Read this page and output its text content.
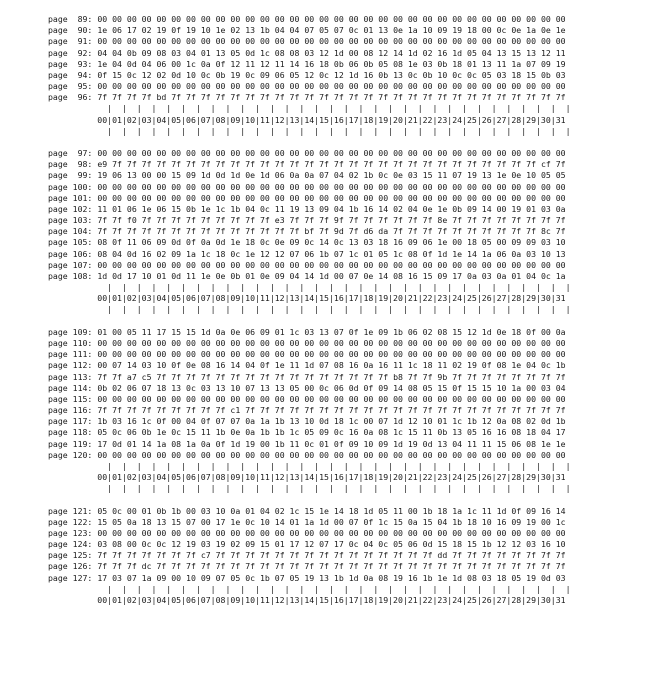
page  89: 00 00 00 00 00 00 00 00 00 00 00 00 00 00 00 00 00 00 00 00 00 00 00 00 00 00 00 00 00 00 00 00
page  90: 1e 06 17 02 19 0f 19 10 1e 02 13 1b 04 04 07 05 07 0c 01 13 0e 1a 10 09 19 18 00 0c 0e 1a 0e 1e
page  91: 00 00 00 00 00 00 00 00 00 00 00 00 00 00 00 00 00 00 00 00 00 00 00 00 00 00 00 00 00 00 00 00
page  92: 04 04 0b 09 08 03 04 01 13 05 0d 1c 08 08 03 12 1d 00 08 12 14 1d 02 16 1d 05 04 13 15 13 12 11
page  93: 1e 04 0d 04 06 00 1c 0a 0f 12 11 12 11 14 16 18 0b 06 0b 05 08 1e 03 0b 18 01 13 11 1a 07 09 19
page  94: 0f 15 0c 12 02 0d 10 0c 0b 19 0c 09 06 05 12 0c 12 1d 16 0b 13 0c 0b 10 0c 0c 05 03 18 15 0b 03
page  95: 00 00 00 00 00 00 00 00 00 00 00 00 00 00 00 00 00 00 00 00 00 00 00 00 00 00 00 00 00 00 00 00
page  96: 7f 7f 7f 7f bd 7f 7f 7f 7f 7f 7f 7f 7f 7f 7f 7f 7f 7f 7f 7f 7f 7f 7f 7f 7f 7f 7f 7f 7f 7f 7f 7f
|  |  |  |  |  |  |  |  |  |  |  |  |  |  |  |  |  |  |  |  |  |  |  |  |  |  |  |  |  |  |  |
00|01|02|03|04|05|06|07|08|09|10|11|12|13|14|15|16|17|18|19|20|21|22|23|24|25|26|27|28|29|30|31
|  |  |  |  |  |  |  |  |  |  |  |  |  |  |  |  |  |  |  |  |  |  |  |  |  |  |  |  |  |  |  |
page  97: 00 00 00 00 00 00 00 00 00 00 00 00 00 00 00 00 00 00 00 00 00 00 00 00 00 00 00 00 00 00 00 00
page  98: e9 7f 7f 7f 7f 7f 7f 7f 7f 7f 7f 7f 7f 7f 7f 7f 7f 7f 7f 7f 7f 7f 7f 7f 7f 7f 7f 7f 7f 7f cf 7f
page  99: 19 06 13 00 00 15 09 1d 0d 1d 0e 1d 06 0a 0a 07 04 02 1b 0c 0e 03 15 11 07 19 13 1e 0e 10 05 05
page 100: 00 00 00 00 00 00 00 00 00 00 00 00 00 00 00 00 00 00 00 00 00 00 00 00 00 00 00 00 00 00 00 00
page 101: 00 00 00 00 00 00 00 00 00 00 00 00 00 00 00 00 00 00 00 00 00 00 00 00 00 00 00 00 00 00 00 00
page 102: 11 01 06 1e 06 15 0b 1e 1c 1b 04 0c 11 19 13 09 04 1b 16 14 02 04 0e 1e 0b 09 14 00 19 01 03 0a
page 103: 7f 7f f0 7f 7f 7f 7f 7f 7f 7f 7f 7f e3 7f 7f 7f 9f 7f 7f 7f 7f 7f 7f 8e 7f 7f 7f 7f 7f 7f 7f 7f
page 104: 7f 7f 7f 7f 7f 7f 7f 7f 7f 7f 7f 7f 7f 7f bf 7f 9d 7f d6 da 7f 7f 7f 7f 7f 7f 7f 7f 7f 7f 8c 7f
page 105: 08 0f 11 06 09 0d 0f 0a 0d 1e 18 0c 0e 09 0c 14 0c 13 03 18 16 09 06 1e 00 18 05 00 09 09 03 10
page 106: 08 04 0d 16 02 09 1a 1c 18 0c 1e 12 12 07 06 1b 07 1c 01 05 1c 08 0f 1d 1e 14 1a 06 0a 03 10 13
page 107: 00 00 00 00 00 00 00 00 00 00 00 00 00 00 00 00 00 00 00 00 00 00 00 00 00 00 00 00 00 00 00 00
page 108: 1d 0d 17 10 01 0d 11 1e 0e 0b 01 0e 09 04 14 1d 00 07 0e 14 08 16 15 09 17 0a 03 0a 01 04 0c 1a
|  |  |  |  |  |  |  |  |  |  |  |  |  |  |  |  |  |  |  |  |  |  |  |  |  |  |  |  |  |  |  |
00|01|02|03|04|05|06|07|08|09|10|11|12|13|14|15|16|17|18|19|20|21|22|23|24|25|26|27|28|29|30|31
|  |  |  |  |  |  |  |  |  |  |  |  |  |  |  |  |  |  |  |  |  |  |  |  |  |  |  |  |  |  |  |
page 109: 01 00 05 11 17 15 15 1d 0a 0e 06 09 01 1c 03 13 07 0f 1e 09 1b 06 02 08 15 12 1d 0e 18 0f 00 0a
page 110: 00 00 00 00 00 00 00 00 00 00 00 00 00 00 00 00 00 00 00 00 00 00 00 00 00 00 00 00 00 00 00 00
page 111: 00 00 00 00 00 00 00 00 00 00 00 00 00 00 00 00 00 00 00 00 00 00 00 00 00 00 00 00 00 00 00 00
page 112: 00 07 14 03 10 0f 0e 08 16 14 04 0f 1e 11 1d 07 08 16 0a 16 11 1c 18 11 02 19 0f 08 1e 04 0c 1b
page 113: 7f 7f a7 c5 7f 7f 7f 7f 7f 7f 7f 7f 7f 7f 7f 7f 7f 7f 7f 7f b8 7f 7f 9b 7f 7f 7f 7f 7f 7f 7f 7f
page 114: 0b 02 06 07 18 13 0c 03 13 10 07 13 13 05 00 0c 06 0d 0f 09 14 08 05 15 0f 15 15 10 1a 00 03 04
page 115: 00 00 00 00 00 00 00 00 00 00 00 00 00 00 00 00 00 00 00 00 00 00 00 00 00 00 00 00 00 00 00 00
page 116: 7f 7f 7f 7f 7f 7f 7f 7f 7f c1 7f 7f 7f 7f 7f 7f 7f 7f 7f 7f 7f 7f 7f 7f 7f 7f 7f 7f 7f 7f 7f 7f
page 117: 1b 03 16 1c 0f 00 04 0f 07 07 0a 1a 1b 13 10 0d 18 1c 00 07 1d 12 10 01 1c 1b 12 0a 08 02 0d 1b
page 118: 05 0c 06 0b 1e 0c 15 11 1b 0e 0a 1b 1b 1c 05 09 0c 16 0a 08 1c 15 11 0b 13 05 16 16 08 18 04 17
page 119: 17 0d 01 14 1a 08 1a 0a 0f 1d 19 00 1b 11 0c 01 0f 09 10 09 1d 19 0d 13 04 11 11 15 06 08 1e 1e
page 120: 00 00 00 00 00 00 00 00 00 00 00 00 00 00 00 00 00 00 00 00 00 00 00 00 00 00 00 00 00 00 00 00
|  |  |  |  |  |  |  |  |  |  |  |  |  |  |  |  |  |  |  |  |  |  |  |  |  |  |  |  |  |  |  |
00|01|02|03|04|05|06|07|08|09|10|11|12|13|14|15|16|17|18|19|20|21|22|23|24|25|26|27|28|29|30|31
|  |  |  |  |  |  |  |  |  |  |  |  |  |  |  |  |  |  |  |  |  |  |  |  |  |  |  |  |  |  |  |
page 121: 05 0c 00 01 0b 1b 00 03 10 0a 01 04 02 1c 15 1e 14 18 1d 05 11 00 1b 18 1a 1c 11 1d 0f 09 16 14
page 122: 15 05 0a 18 13 15 07 00 17 1e 0c 10 14 01 1a 1d 00 07 0f 1c 15 0a 15 04 1b 18 10 16 09 19 00 1c
page 123: 00 00 00 00 00 00 00 00 00 00 00 00 00 00 00 00 00 00 00 00 00 00 00 00 00 00 00 00 00 00 00 00
page 124: 03 08 00 0c 0c 12 19 03 19 02 09 15 01 17 12 07 17 0c 04 0c 05 06 0d 15 18 15 1b 12 12 03 16 10
page 125: 7f 7f 7f 7f 7f 7f 7f c7 7f 7f 7f 7f 7f 7f 7f 7f 7f 7f 7f 7f 7f 7f 7f dd 7f 7f 7f 7f 7f 7f 7f 7f
page 126: 7f 7f 7f dc 7f 7f 7f 7f 7f 7f 7f 7f 7f 7f 7f 7f 7f 7f 7f 7f 7f 7f 7f 7f 7f 7f 7f 7f 7f 7f 7f 7f
page 127: 17 03 07 1a 09 00 10 09 07 05 0c 1b 07 05 19 13 1b 1d 0a 08 19 16 1b 1e 1d 08 03 18 05 19 0d 03
|  |  |  |  |  |  |  |  |  |  |  |  |  |  |  |  |  |  |  |  |  |  |  |  |  |  |  |  |  |  |  |
00|01|02|03|04|05|06|07|08|09|10|11|12|13|14|15|16|17|18|19|20|21|22|23|24|25|26|27|28|29|30|31
